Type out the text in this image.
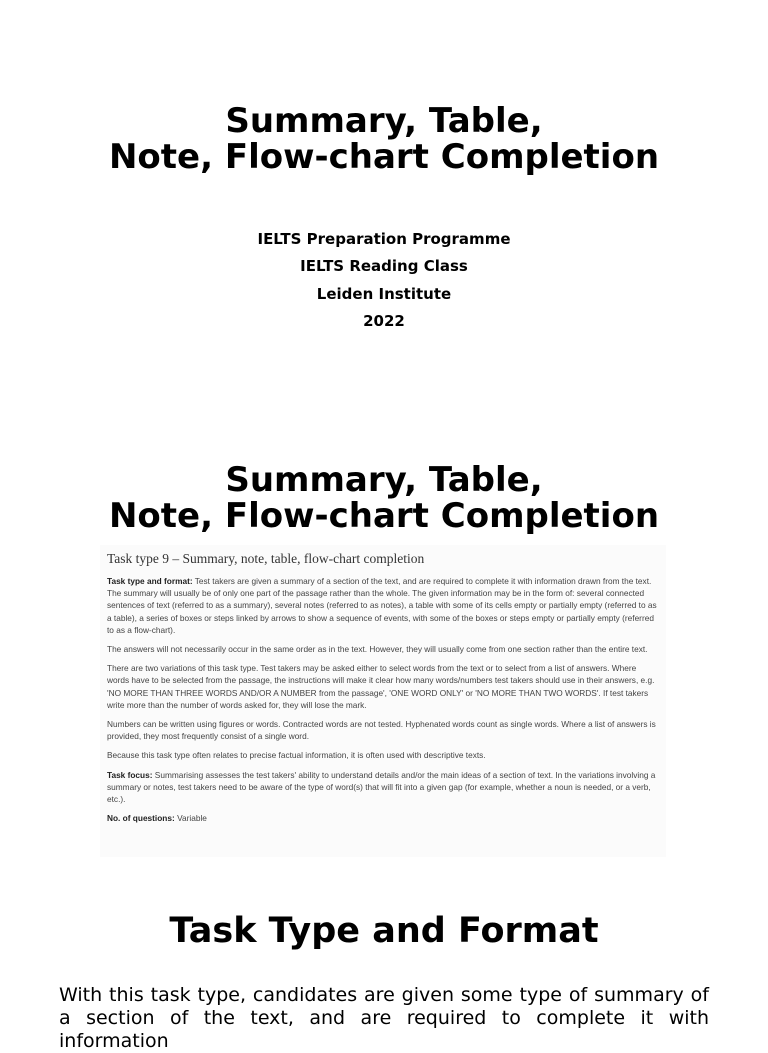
Summary, Table,
Note, Flow-chart Completion
IELTS Preparation Programme
IELTS Reading Class
Leiden Institute
2022
Summary, Table,
Note, Flow-chart Completion
Task type 9 – Summary, note, table, flow-chart completion

Task type and format: Test takers are given a summary of a section of the text, and are required to complete it with information drawn from the text. The summary will usually be of only one part of the passage rather than the whole. The given information may be in the form of: several connected sentences of text (referred to as a summary), several notes (referred to as notes), a table with some of its cells empty or partially empty (referred to as a table), a series of boxes or steps linked by arrows to show a sequence of events, with some of the boxes or steps empty or partially empty (referred to as a flow-chart).

The answers will not necessarily occur in the same order as in the text. However, they will usually come from one section rather than the entire text.

There are two variations of this task type. Test takers may be asked either to select words from the text or to select from a list of answers. Where words have to be selected from the passage, the instructions will make it clear how many words/numbers test takers should use in their answers, e.g. 'NO MORE THAN THREE WORDS AND/OR A NUMBER from the passage', 'ONE WORD ONLY' or 'NO MORE THAN TWO WORDS'. If test takers write more than the number of words asked for, they will lose the mark.

Numbers can be written using figures or words. Contracted words are not tested. Hyphenated words count as single words. Where a list of answers is provided, they most frequently consist of a single word.

Because this task type often relates to precise factual information, it is often used with descriptive texts.

Task focus: Summarising assesses the test takers' ability to understand details and/or the main ideas of a section of text. In the variations involving a summary or notes, test takers need to be aware of the type of word(s) that will fit into a given gap (for example, whether a noun is needed, or a verb, etc.).

No. of questions: Variable

Task Type and Format

With this task type, candidates are given some type of summary of a section of the text, and are required to complete it with information
